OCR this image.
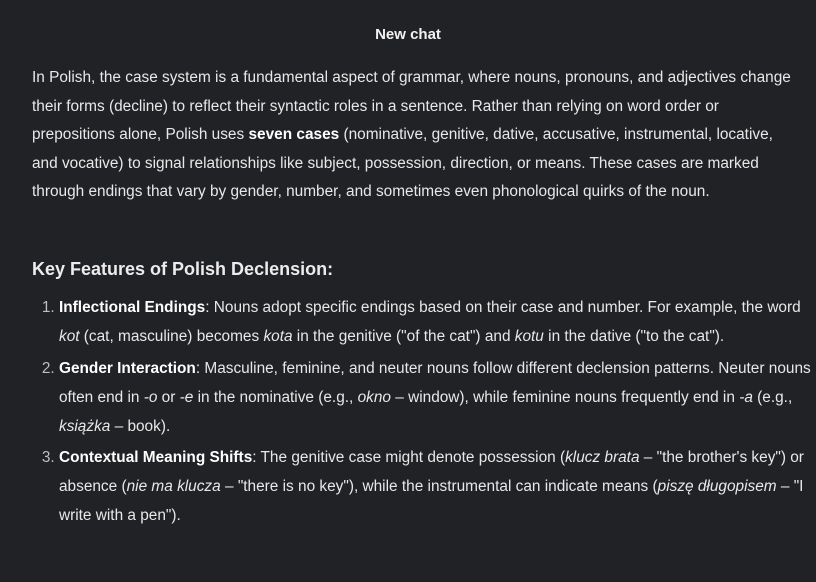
New chat

In Polish, the case system is a fundamental aspect of grammar, where nouns, pronouns, and adjectives change their forms (decline) to reflect their syntactic roles in a sentence. Rather than relying on word order or prepositions alone, Polish uses seven cases (nominative, genitive, dative, accusative, instrumental, locative, and vocative) to signal relationships like subject, possession, direction, or means. These cases are marked through endings that vary by gender, number, and sometimes even phonological quirks of the noun.

Key Features of Polish Declension:
1. Inflectional Endings: Nouns adopt specific endings based on their case and number. For example, the word kot (cat, masculine) becomes kota in the genitive ("of the cat") and kotu in the dative ("to the cat").
2. Gender Interaction: Masculine, feminine, and neuter nouns follow different declension patterns. Neuter nouns often end in -o or -e in the nominative (e.g., okno – window), while feminine nouns frequently end in -a (e.g., książka – book).
3. Contextual Meaning Shifts: The genitive case might denote possession (klucz brata – "the brother's key") or absence (nie ma klucza – "there is no key"), while the instrumental can indicate means (piszę długopisem – "I write with a pen").
